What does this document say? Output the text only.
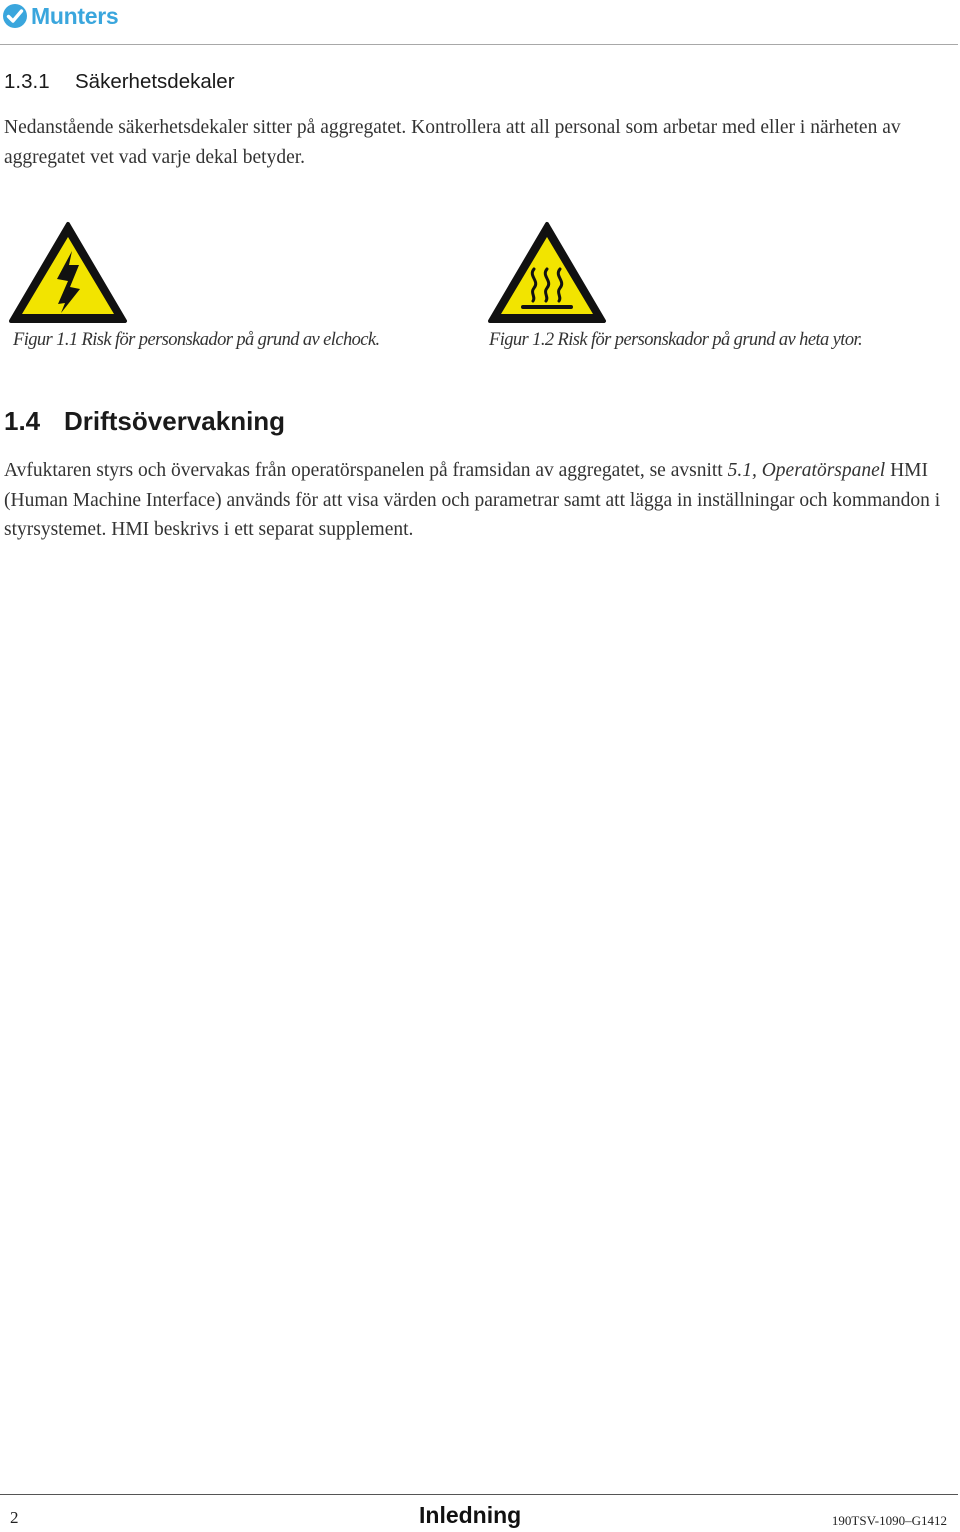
Munters
1.3.1 Säkerhetsdekaler

Nedanstående säkerhetsdekaler sitter på aggregatet. Kontrollera att all personal som arbetar med eller i närheten av aggregatet vet vad varje dekal betyder.

Figur 1.1 Risk för personskador på grund av elchock.	Figur 1.2 Risk för personskador på grund av heta ytor.
1.4 Driftsövervakning

Avfuktaren styrs och övervakas från operatörspanelen på framsidan av aggregatet, se avsnitt 5.1, Operatörspanel HMI (Human Machine Interface) används för att visa värden och parametrar samt att lägga in inställningar och kommandon i styrsystemet. HMI beskrivs i ett separat supplement.

2	Inledning	190TSV-1090–G1412
